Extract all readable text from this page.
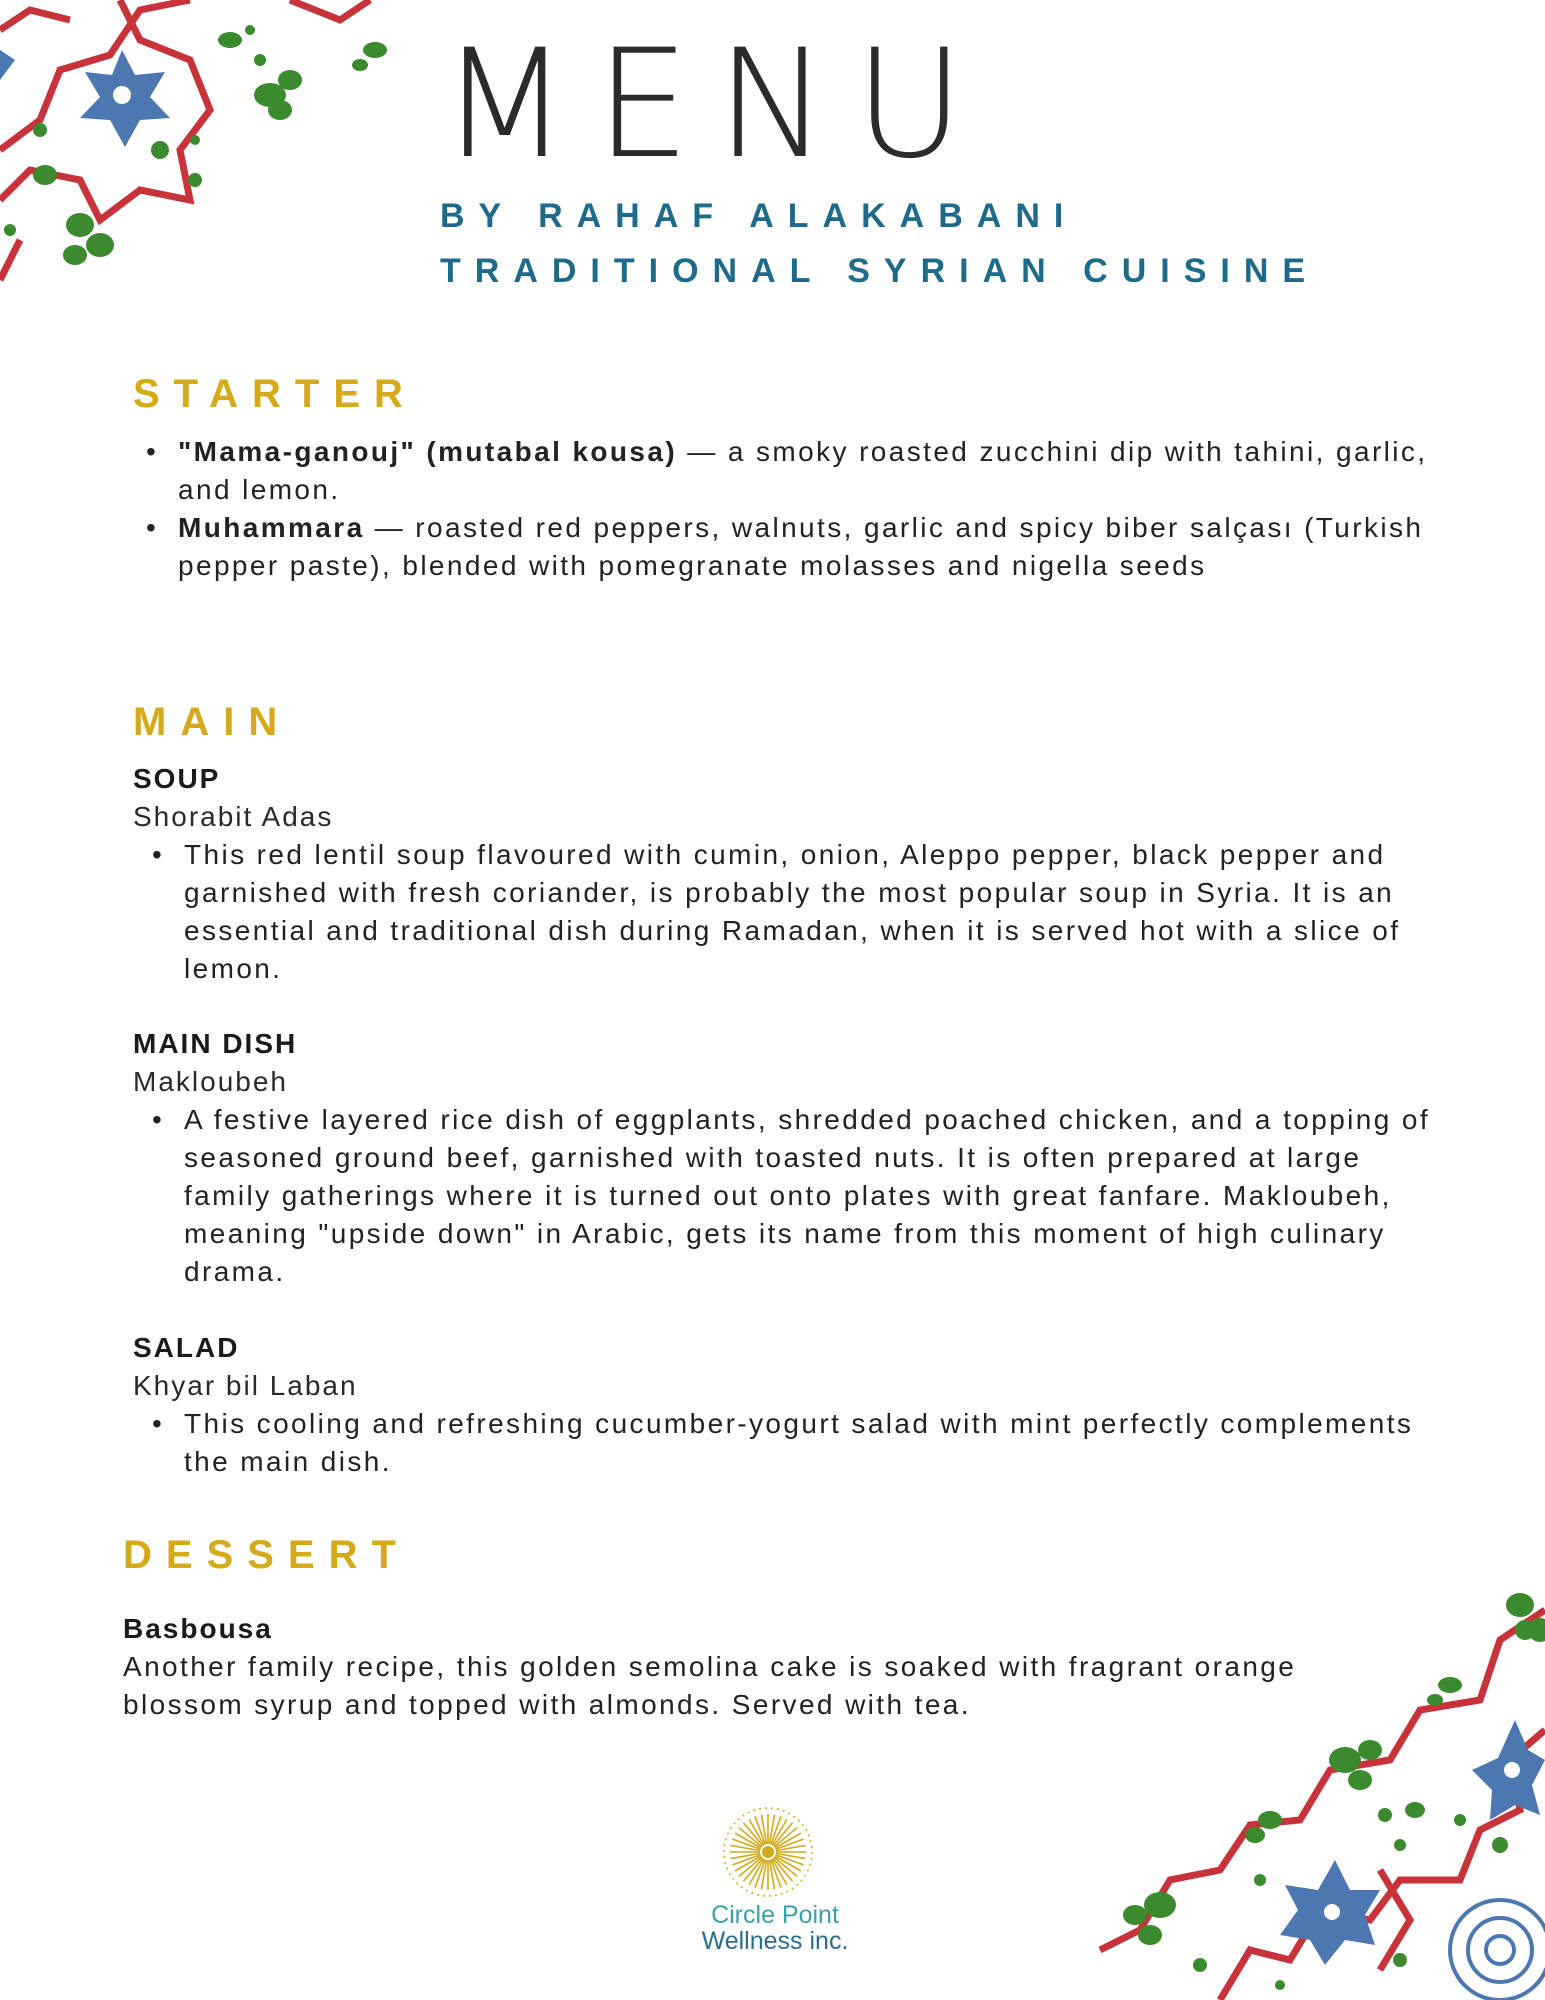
MENU
BY RAHAF ALAKABANI
TRADITIONAL SYRIAN CUISINE
STARTER
• "Mama-ganouj" (mutabal kousa) — a smoky roasted zucchini dip with tahini, garlic, and lemon.
• Muhammara — roasted red peppers, walnuts, garlic and spicy biber salçası (Turkish pepper paste), blended with pomegranate molasses and nigella seeds
MAIN
SOUP
Shorabit Adas
• This red lentil soup flavoured with cumin, onion, Aleppo pepper, black pepper and garnished with fresh coriander, is probably the most popular soup in Syria. It is an essential and traditional dish during Ramadan, when it is served hot with a slice of lemon.
MAIN DISH
Makloubeh
• A festive layered rice dish of eggplants, shredded poached chicken, and a topping of seasoned ground beef, garnished with toasted nuts. It is often prepared at large family gatherings where it is turned out onto plates with great fanfare. Makloubeh, meaning "upside down" in Arabic, gets its name from this moment of high culinary drama.
SALAD
Khyar bil Laban
• This cooling and refreshing cucumber-yogurt salad with mint perfectly complements the main dish.
DESSERT
Basbousa
Another family recipe, this golden semolina cake is soaked with fragrant orange blossom syrup and topped with almonds. Served with tea.
Circle Point
Wellness inc.
